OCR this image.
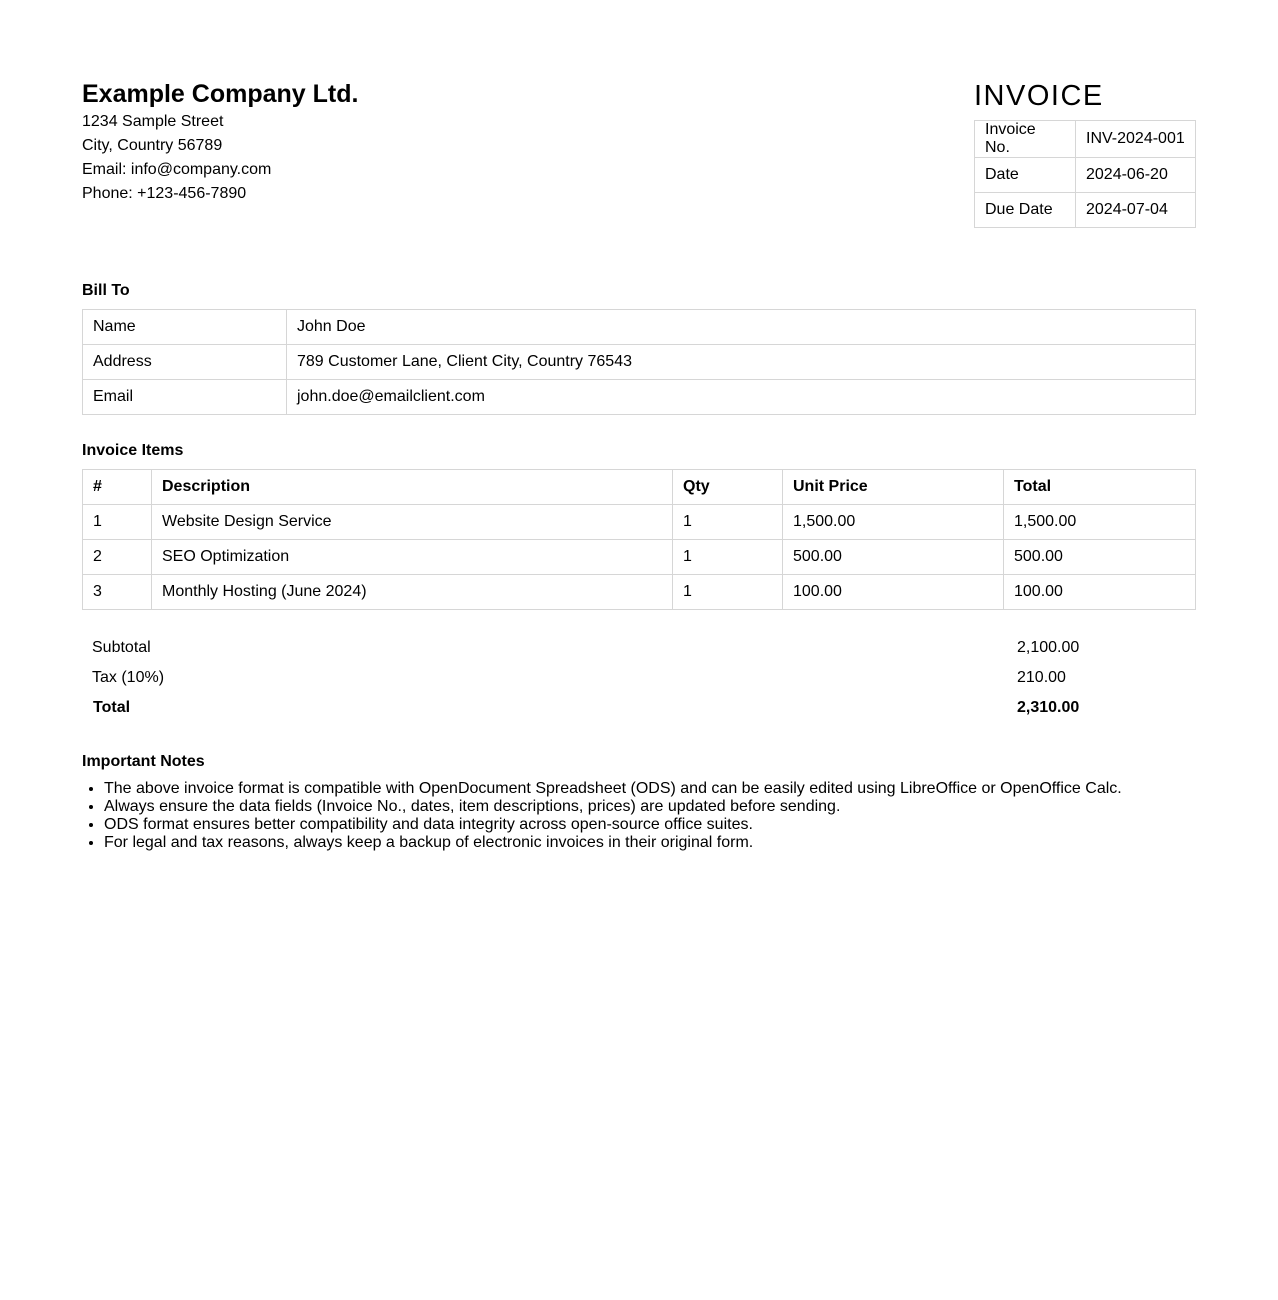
Example Company Ltd.
1234 Sample Street
City, Country 56789
Email: info@company.com
Phone: +123-456-7890
INVOICE
Invoice No.	INV-2024-001
Date	2024-06-20
Due Date	2024-07-04
Bill To
Name	John Doe
Address	789 Customer Lane, Client City, Country 76543
Email	john.doe@emailclient.com
Invoice Items
#	Description	Qty	Unit Price	Total
1	Website Design Service	1	1,500.00	1,500.00
2	SEO Optimization	1	500.00	500.00
3	Monthly Hosting (June 2024)	1	100.00	100.00
Subtotal	2,100.00
Tax (10%)	210.00
Total	2,310.00
Important Notes
• The above invoice format is compatible with OpenDocument Spreadsheet (ODS) and can be easily edited using LibreOffice or OpenOffice Calc.
• Always ensure the data fields (Invoice No., dates, item descriptions, prices) are updated before sending.
• ODS format ensures better compatibility and data integrity across open-source office suites.
• For legal and tax reasons, always keep a backup of electronic invoices in their original form.
